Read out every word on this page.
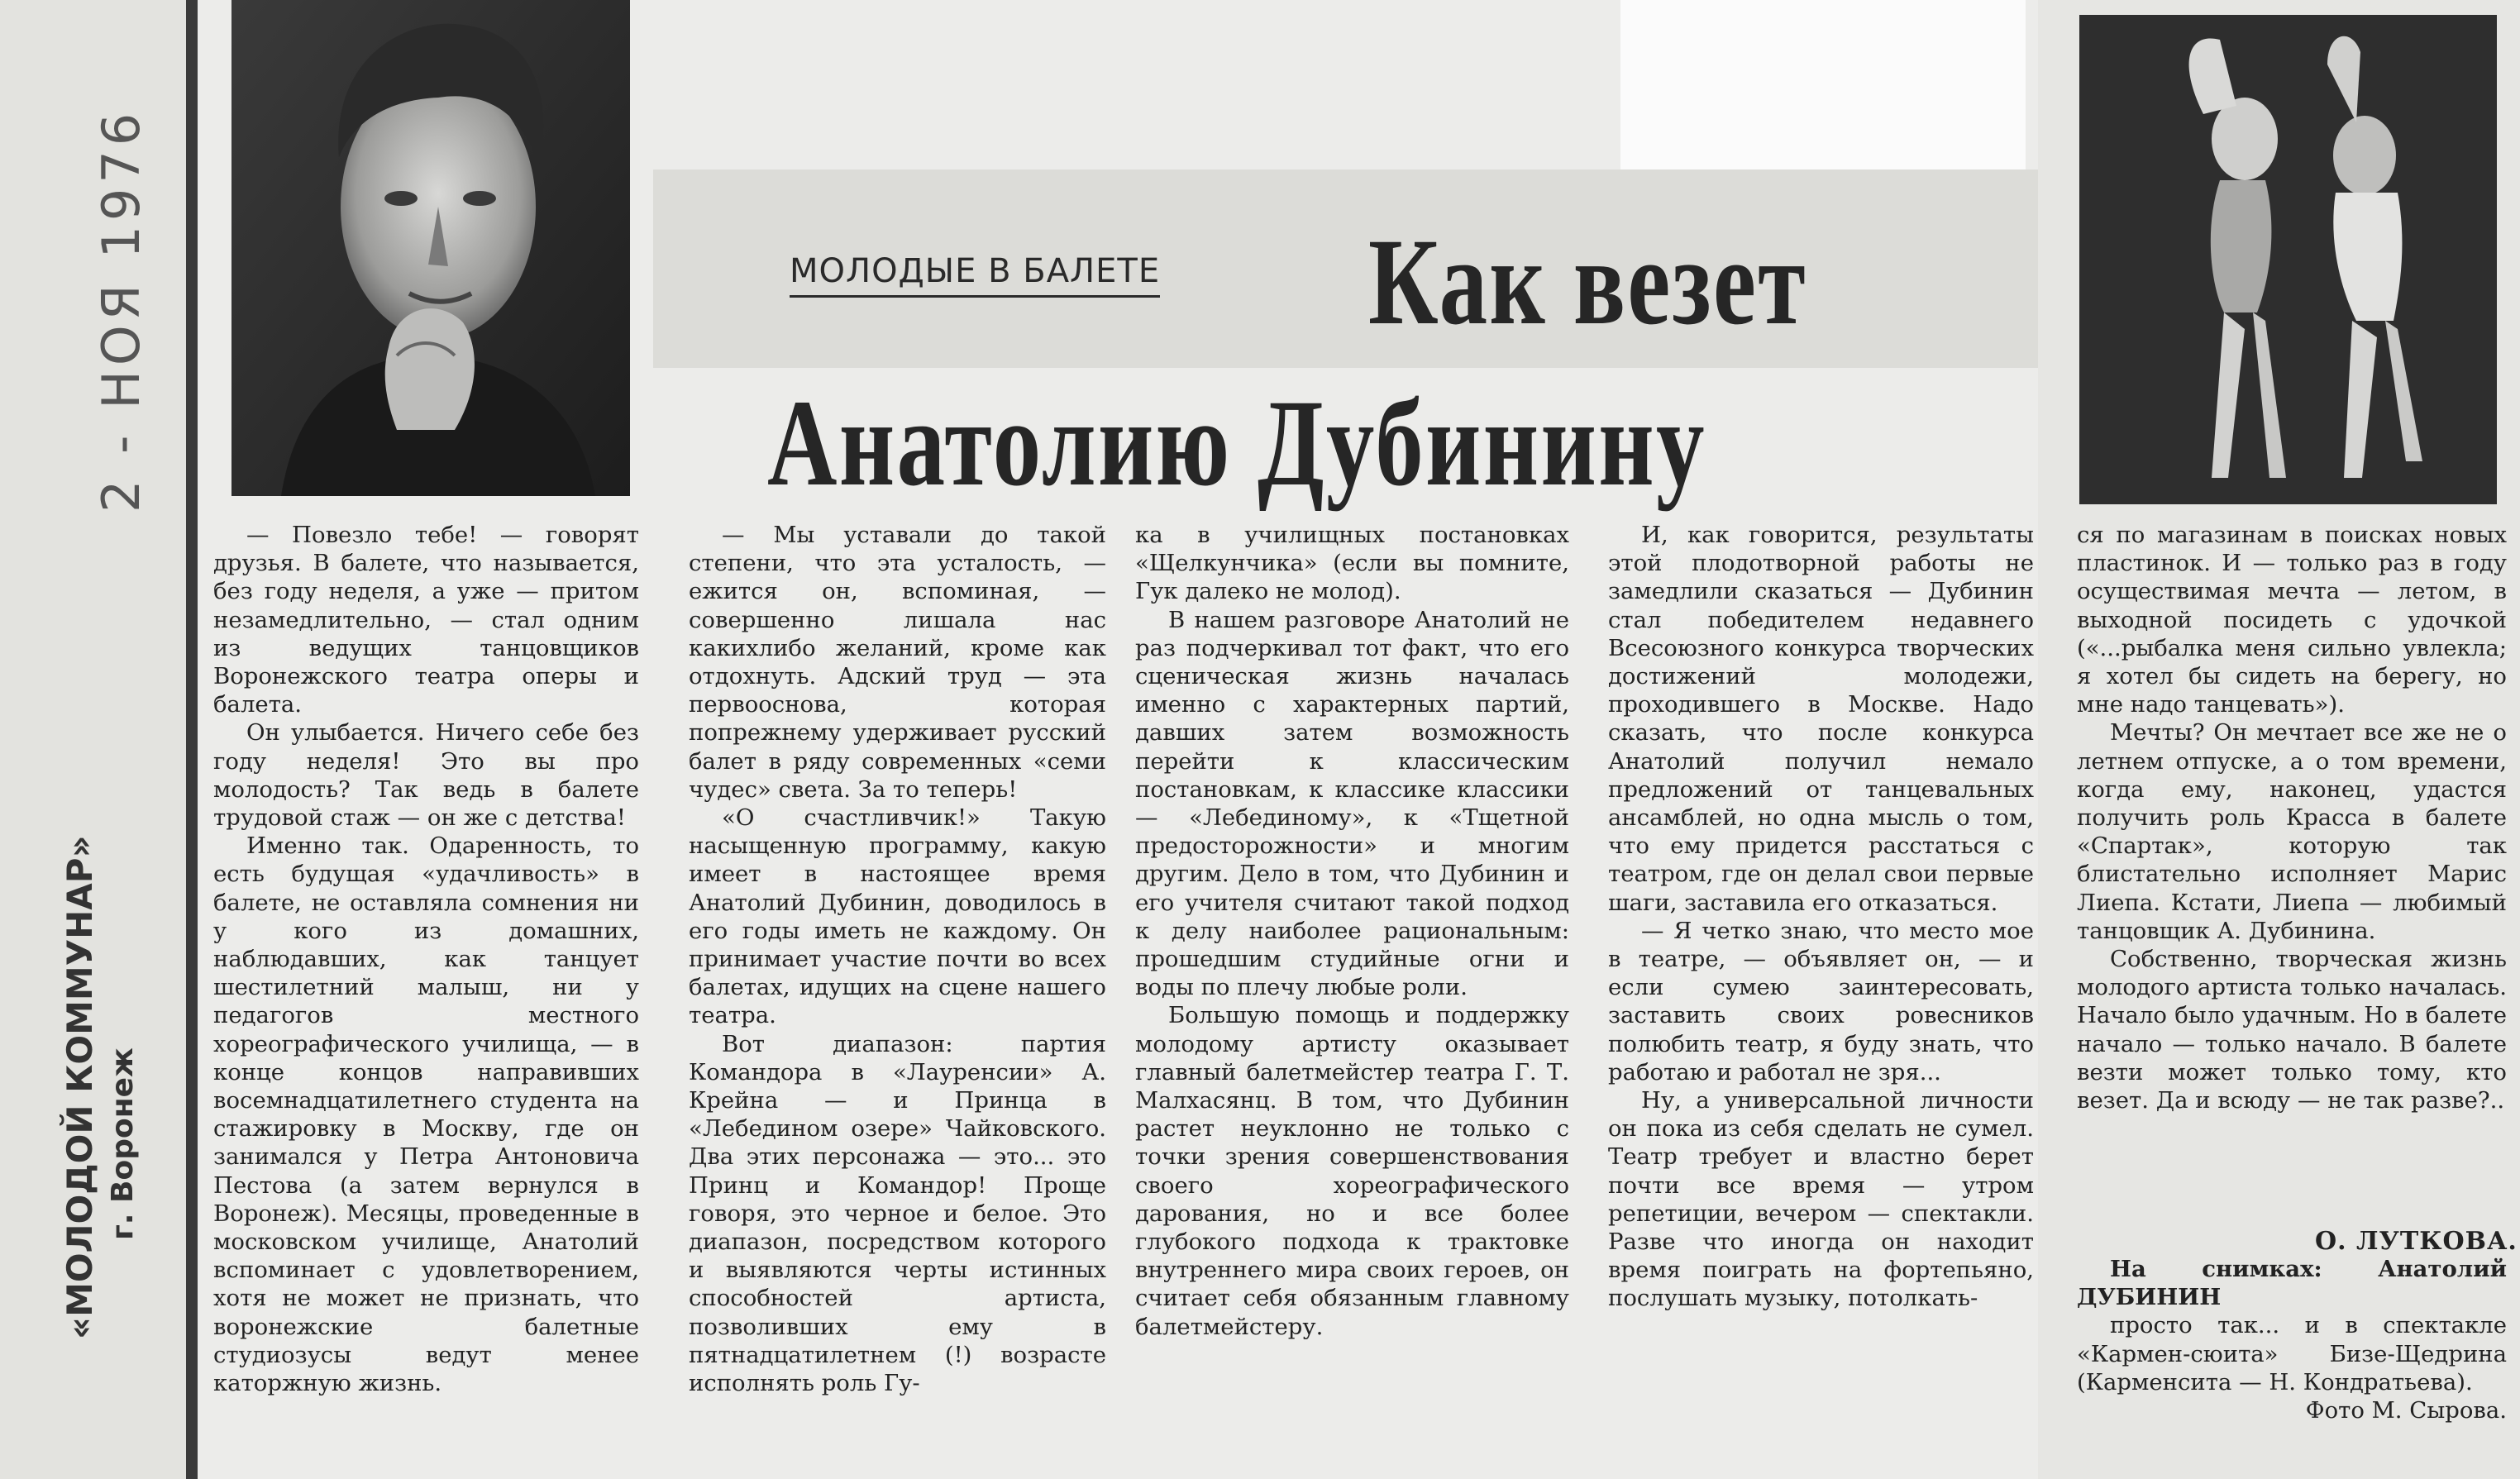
2 - НОЯ 1976
«МОЛОДОЙ КОММУНАР» г. Воронеж
МОЛОДЫЕ В БАЛЕТЕ Как везет
Анатолию Дубинину

— Повезло тебе! — говорят друзья. В балете, что называется, без году неделя, а уже — притом незамедлительно, — стал одним из ведущих танцовщиков Воронежского театра оперы и балета.

Он улыбается. Ничего себе без году неделя! Это вы про молодость? Так ведь в балете трудовой стаж — он же с детства!

Именно так. Одаренность, то есть будущая «удачливость» в балете, не оставляла сомнения ни у кого из домашних, наблюдавших, как танцует шестилетний малыш, ни у педагогов местного хореографического училища, — в конце концов направивших восемнадцатилетнего студента на стажировку в Москву, где он занимался у Петра Антоновича Пестова (а затем вернулся в Воронеж). Месяцы, проведенные в московском училище, Анатолий вспоминает с удовлетворением, хотя не может не признать, что воронежские балетные студиозусы ведут менее каторжную жизнь.

— Мы уставали до такой степени, что эта усталость, — ежится он, вспоминая, — совершенно лишала нас какихлибо желаний, кроме как отдохнуть. Адский труд — эта первооснова, которая попрежнему удерживает русский балет в ряду современных «семи чудес» света. За то теперь!

«О счастливчик!» Такую насыщенную программу, какую имеет в настоящее время Анатолий Дубинин, доводилось в его годы иметь не каждому. Он принимает участие почти во всех балетах, идущих на сцене нашего театра.

Вот диапазон: партия Командора в «Лауренсии» А. Крейна — и Принца в «Лебедином озере» Чайковского. Два этих персонажа — это... это Принц и Командор! Проще говоря, это черное и белое. Это диапазон, посредством которого и выявляются черты истинных способностей артиста, позволивших ему в пятнадцатилетнем (!) возрасте исполнять роль Гу-

ка в училищных постановках «Щелкунчика» (если вы помните, Гук далеко не молод).

В нашем разговоре Анатолий не раз подчеркивал тот факт, что его сценическая жизнь началась именно с характерных партий, давших затем возможность перейти к классическим постановкам, к классике классики — «Лебединому», к «Тщетной предосторожности» и многим другим. Дело в том, что Дубинин и его учителя считают такой подход к делу наиболее рациональным: прошедшим студийные огни и воды по плечу любые роли.

Большую помощь и поддержку молодому артисту оказывает главный балетмейстер театра Г. Т. Малхасянц. В том, что Дубинин растет неуклонно не только с точки зрения совершенствования своего хореографического дарования, но и все более глубокого подхода к трактовке внутреннего мира своих героев, он считает себя обязанным главному балетмейстеру.

И, как говорится, результаты этой плодотворной работы не замедлили сказаться — Дубинин стал победителем недавнего Всесоюзного конкурса творческих достижений молодежи, проходившего в Москве. Надо сказать, что после конкурса Анатолий получил немало предложений от танцевальных ансамблей, но одна мысль о том, что ему придется расстаться с театром, где он делал свои первые шаги, заставила его отказаться.

— Я четко знаю, что место мое в театре, — объявляет он, — и если сумею заинтересовать, заставить своих ровесников полюбить театр, я буду знать, что работаю и работал не зря...

Ну, а универсальной личности он пока из себя сделать не сумел. Театр требует и властно берет почти все время — утром репетиции, вечером — спектакли. Разве что иногда он находит время поиграть на фортепьяно, послушать музыку, потолкать-

ся по магазинам в поисках новых пластинок. И — только раз в году осуществимая мечта — летом, в выходной посидеть с удочкой («...рыбалка меня сильно увлекла; я хотел бы сидеть на берегу, но мне надо танцевать»).

Мечты? Он мечтает все же не о летнем отпуске, а о том времени, когда ему, наконец, удастся получить роль Красса в балете «Спартак», которую так блистательно исполняет Марис Лиепа. Кстати, Лиепа — любимый танцовщик А. Дубинина.

Собственно, творческая жизнь молодого артиста только началась. Начало было удачным. Но в балете начало — только начало. В балете везти может только тому, кто везет. Да и всюду — не так разве?..

О. ЛУТКОВА.
На снимках: Анатолий ДУБИНИН
просто так... и в спектакле «Кармен-сюита» Бизе-Щедрина (Карменсита — Н. Кондратьева).
Фото М. Сырова.
